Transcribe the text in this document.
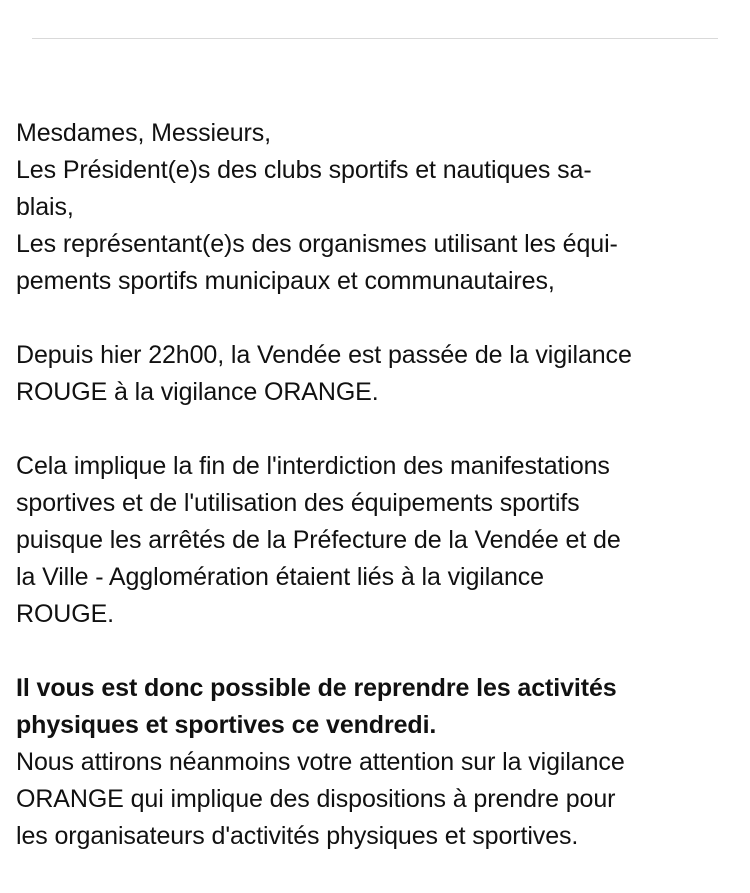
Mesdames, Messieurs,
Les Président(e)s des clubs sportifs et nautiques sa-
blais,
Les représentant(e)s des organismes utilisant les équi-
pements sportifs municipaux et communautaires,
Depuis hier 22h00, la Vendée est passée de la vigilance
ROUGE à la vigilance ORANGE.
Cela implique la fin de l'interdiction des manifestations
sportives et de l'utilisation des équipements sportifs
puisque les arrêtés de la Préfecture de la Vendée et de
la Ville - Agglomération étaient liés à la vigilance
ROUGE.
Il vous est donc possible de reprendre les activités
physiques et sportives ce vendredi.
Nous attirons néanmoins votre attention sur la vigilance
ORANGE qui implique des dispositions à prendre pour
les organisateurs d'activités physiques et sportives.
